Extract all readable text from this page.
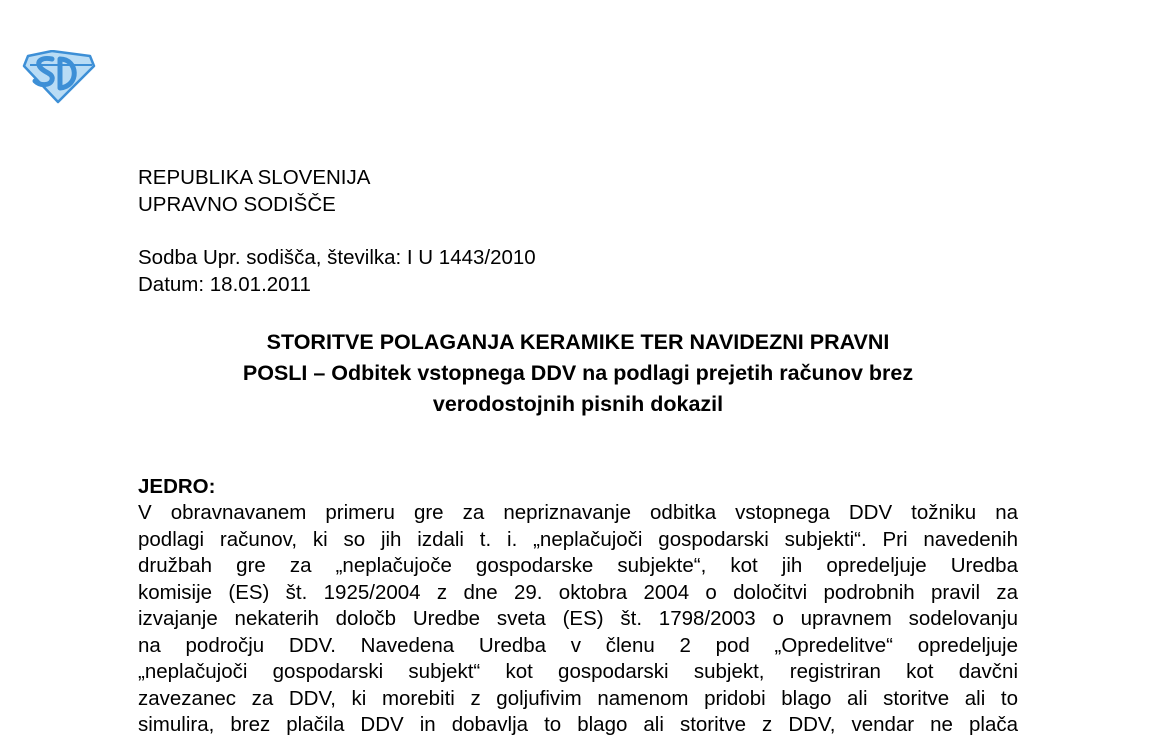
REPUBLIKA SLOVENIJA
UPRAVNO SODIŠČE
Sodba Upr. sodišča, številka: I U 1443/2010
Datum: 18.01.2011
STORITVE POLAGANJA KERAMIKE TER NAVIDEZNI PRAVNI
POSLI – Odbitek vstopnega DDV na podlagi prejetih računov brez
verodostojnih pisnih dokazil
JEDRO:
V obravnavanem primeru gre za nepriznavanje odbitka vstopnega DDV tožniku na
podlagi računov, ki so jih izdali t. i. „neplačujoči gospodarski subjekti“. Pri navedenih
družbah gre za „neplačujoče gospodarske subjekte“, kot jih opredeljuje Uredba
komisije (ES) št. 1925/2004 z dne 29. oktobra 2004 o določitvi podrobnih pravil za
izvajanje nekaterih določb Uredbe sveta (ES) št. 1798/2003 o upravnem sodelovanju
na področju DDV. Navedena Uredba v členu 2 pod „Opredelitve“ opredeljuje
„neplačujoči gospodarski subjekt“ kot gospodarski subjekt, registriran kot davčni
zavezanec za DDV, ki morebiti z goljufivim namenom pridobi blago ali storitve ali to
simulira, brez plačila DDV in dobavlja to blago ali storitve z DDV, vendar ne plača
